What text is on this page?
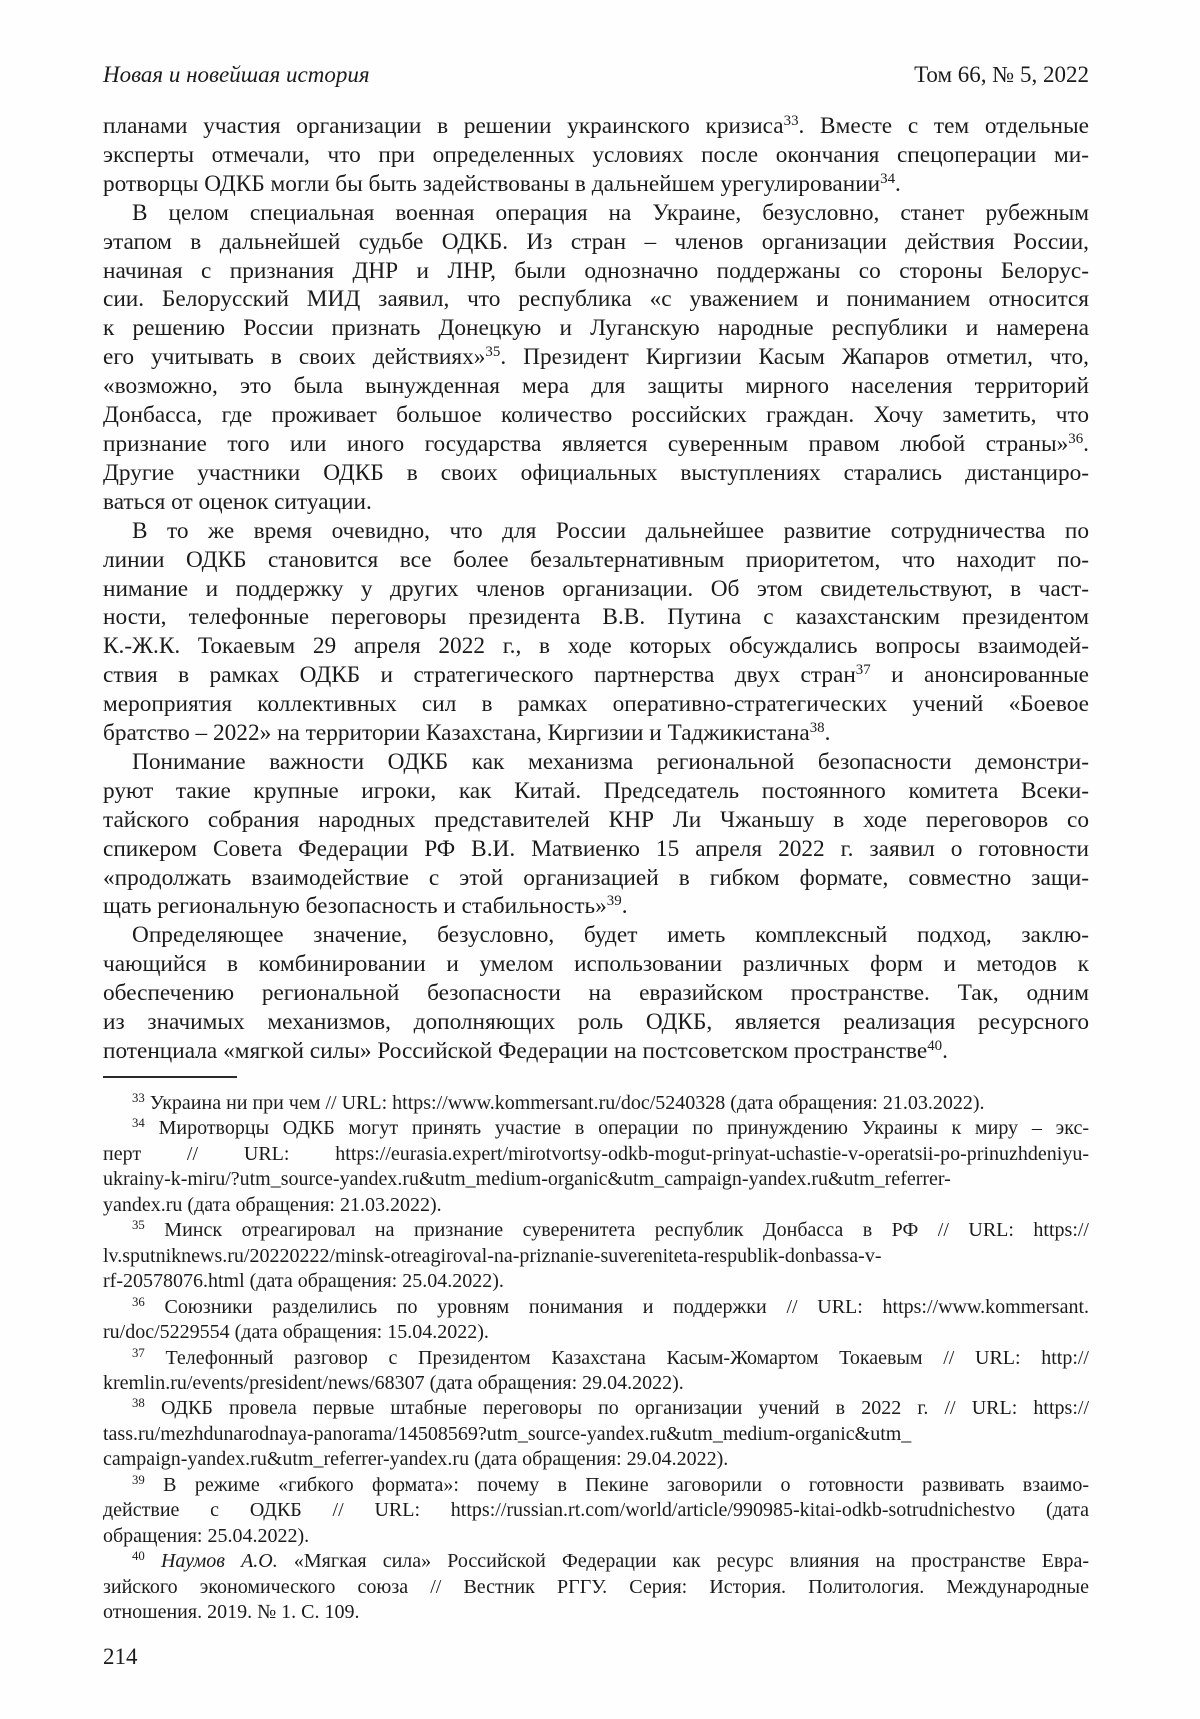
Новая и новейшая история	Том 66, № 5, 2022
планами участия организации в решении украинского кризиса$^{33}$. Вместе с тем отдельные
эксперты отмечали, что при определенных условиях после окончания спецоперации ми-
ротворцы ОДКБ могли бы быть задействованы в дальнейшем урегулировании$^{34}$.
В целом специальная военная операция на Украине, безусловно, станет рубежным
этапом в дальнейшей судьбе ОДКБ. Из стран – членов организации действия России,
начиная с признания ДНР и ЛНР, были однозначно поддержаны со стороны Белорус-
сии. Белорусский МИД заявил, что республика «с уважением и пониманием относится
к решению России признать Донецкую и Луганскую народные республики и намерена
его учитывать в своих действиях»$^{35}$. Президент Киргизии Касым Жапаров отметил, что,
«возможно, это была вынужденная мера для защиты мирного населения территорий
Донбасса, где проживает большое количество российских граждан. Хочу заметить, что
признание того или иного государства является суверенным правом любой страны»$^{36}$.
Другие участники ОДКБ в своих официальных выступлениях старались дистанциро-
ваться от оценок ситуации.
В то же время очевидно, что для России дальнейшее развитие сотрудничества по
линии ОДКБ становится все более безальтернативным приоритетом, что находит по-
нимание и поддержку у других членов организации. Об этом свидетельствуют, в част-
ности, телефонные переговоры президента В.В. Путина с казахстанским президентом
К.-Ж.К. Токаевым 29 апреля 2022 г., в ходе которых обсуждались вопросы взаимодей-
ствия в рамках ОДКБ и стратегического партнерства двух стран$^{37}$ и анонсированные
мероприятия коллективных сил в рамках оперативно-стратегических учений «Боевое
братство – 2022» на территории Казахстана, Киргизии и Таджикистана$^{38}$.
Понимание важности ОДКБ как механизма региональной безопасности демонстри-
руют такие крупные игроки, как Китай. Председатель постоянного комитета Всеки-
тайского собрания народных представителей КНР Ли Чжаньшу в ходе переговоров со
спикером Совета Федерации РФ В.И. Матвиенко 15 апреля 2022 г. заявил о готовности
«продолжать взаимодействие с этой организацией в гибком формате, совместно защи-
щать региональную безопасность и стабильность»$^{39}$.
Определяющее значение, безусловно, будет иметь комплексный подход, заклю-
чающийся в комбинировании и умелом использовании различных форм и методов к
обеспечению региональной безопасности на евразийском пространстве. Так, одним
из значимых механизмов, дополняющих роль ОДКБ, является реализация ресурсного
потенциала «мягкой силы» Российской Федерации на постсоветском пространстве$^{40}$.
$^{33}$ Украина ни при чем // URL: https://www.kommersant.ru/doc/5240328 (дата обращения: 21.03.2022).
$^{34}$ Миротворцы ОДКБ могут принять участие в операции по принуждению Украины к миру – экс-
перт // URL: https://eurasia.expert/mirotvortsy-odkb-mogut-prinyat-uchastie-v-operatsii-po-prinuzhdeniyu-
ukrainy-k-miru/?utm_source-yandex.ru&utm_medium-organic&utm_campaign-yandex.ru&utm_referrer-
yandex.ru (дата обращения: 21.03.2022).
$^{35}$ Минск отреагировал на признание суверенитета республик Донбасса в РФ // URL: https://
lv.sputniknews.ru/20220222/minsk-otreagiroval-na-priznanie-suvereniteta-respublik-donbassa-v-
rf-20578076.html (дата обращения: 25.04.2022).
$^{36}$ Союзники разделились по уровням понимания и поддержки // URL: https://www.kommersant.
ru/doc/5229554 (дата обращения: 15.04.2022).
$^{37}$ Телефонный разговор с Президентом Казахстана Касым-Жомартом Токаевым // URL: http://
kremlin.ru/events/president/news/68307 (дата обращения: 29.04.2022).
$^{38}$ ОДКБ провела первые штабные переговоры по организации учений в 2022 г. // URL: https://
tass.ru/mezhdunarodnaya-panorama/14508569?utm_source-yandex.ru&utm_medium-organic&utm_
campaign-yandex.ru&utm_referrer-yandex.ru (дата обращения: 29.04.2022).
$^{39}$ В режиме «гибкого формата»: почему в Пекине заговорили о готовности развивать взаимо-
действие с ОДКБ // URL: https://russian.rt.com/world/article/990985-kitai-odkb-sotrudnichestvo (дата
обращения: 25.04.2022).
$^{40}$ Наумов А.О. «Мягкая сила» Российской Федерации как ресурс влияния на пространстве Евра-
зийского экономического союза // Вестник РГГУ. Серия: История. Политология. Международные
отношения. 2019. № 1. С. 109.
214
